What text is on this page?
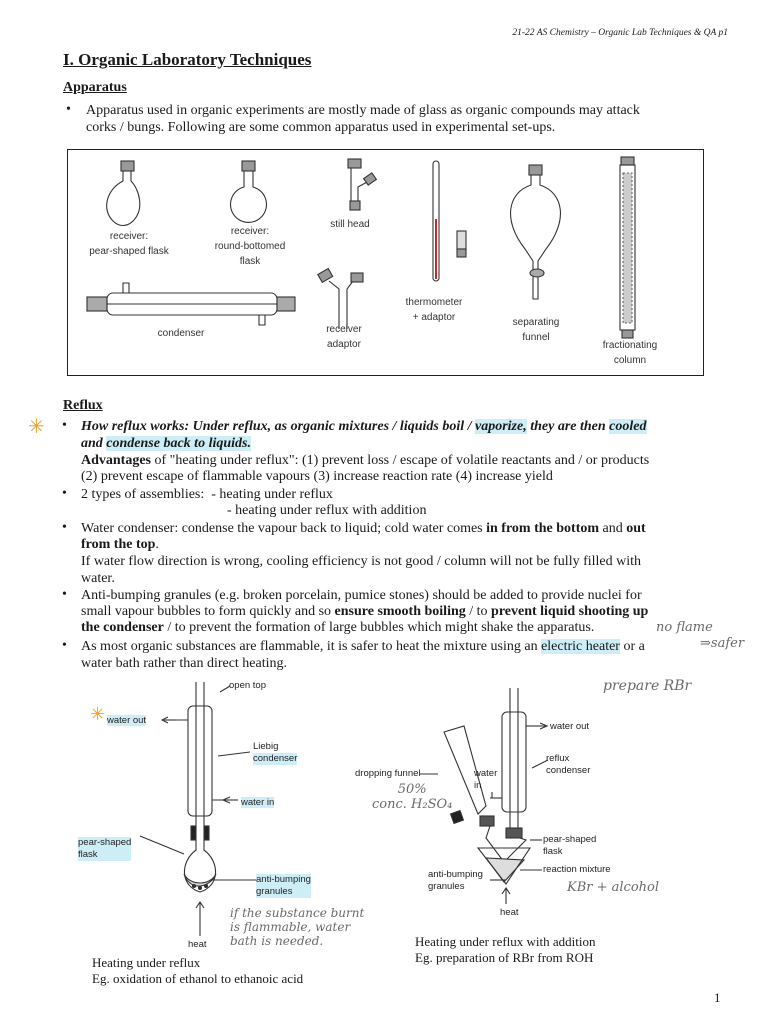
21-22 AS Chemistry – Organic Lab Techniques & QA p1
I. Organic Laboratory Techniques
Apparatus
• Apparatus used in organic experiments are mostly made of glass as organic compounds may attack
corks / bungs. Following are some common apparatus used in experimental set-ups.
receiver:
pear-shaped flask
receiver:
round-bottomed
flask
still head
thermometer
+ adaptor	separating
funnel
fractionating
column
condenser	receiver
adaptor
Reflux
✳ • How reflux works: Under reflux, as organic mixtures / liquids boil / vaporize, they are then cooled
and condense back to liquids.
Advantages of "heating under reflux": (1) prevent loss / escape of volatile reactants and / or products
(2) prevent escape of flammable vapours (3) increase reaction rate (4) increase yield
• 2 types of assemblies:  - heating under reflux
- heating under reflux with addition
• Water condenser: condense the vapour back to liquid; cold water comes in from the bottom and out
from the top.
If water flow direction is wrong, cooling efficiency is not good / column will not be fully filled with
water.
• Anti-bumping granules (e.g. broken porcelain, pumice stones) should be added to provide nuclei for
small vapour bubbles to form quickly and so ensure smooth boiling / to prevent liquid shooting up
the condenser / to prevent the formation of large bubbles which might shake the apparatus.	no flame
• As most organic substances are flammable, it is safer to heat the mixture using an electric heater or a	⇒safer
water bath rather than direct heating.
prepare RBr
✳
open top
water out
Liebig
condenser
water in
pear-shaped
flask
anti-bumping
granules
heat
if the substance burnt
is flammable, water
bath is needed.
Heating under reflux
Eg. oxidation of ethanol to ethanoic acid
water out
reflux
condenser
dropping funnel	water
in
50%
conc. H₂SO₄
pear-shaped
flask
reaction mixture
anti-bumping
granules	KBr + alcohol
heat
Heating under reflux with addition
Eg. preparation of RBr from ROH
1
